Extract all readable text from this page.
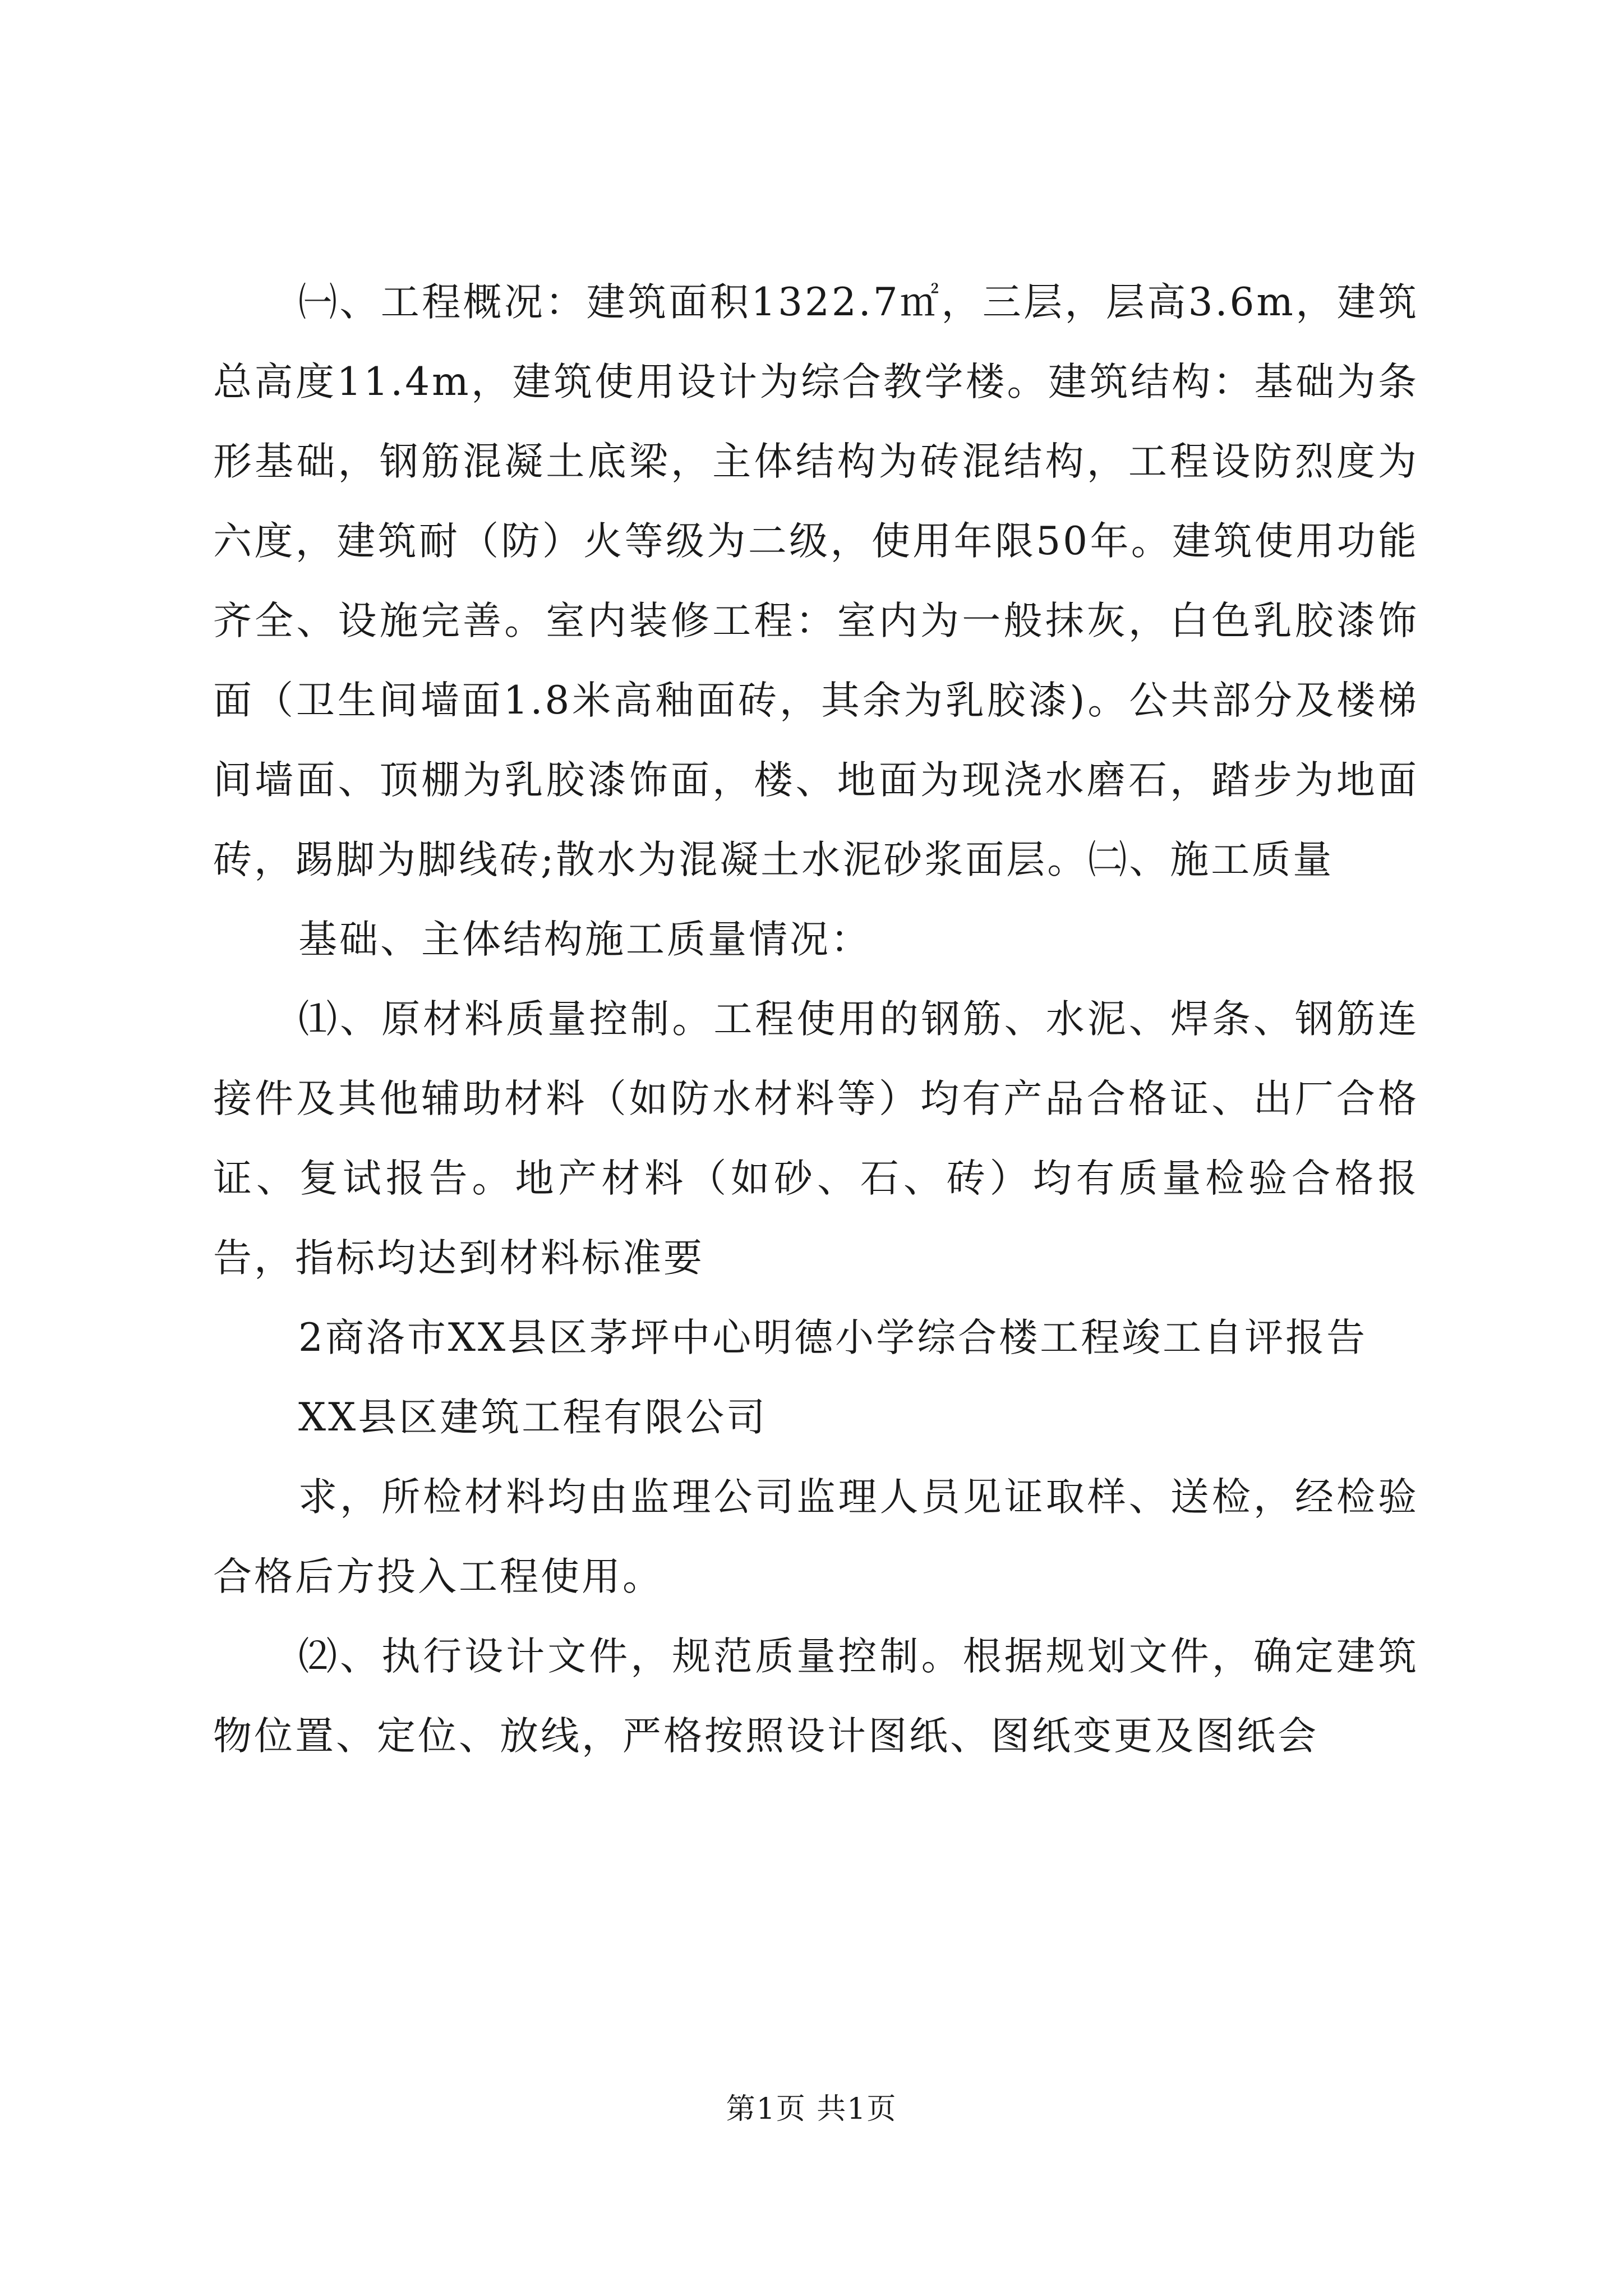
㈠、工程概况：建筑面积1322.7㎡，三层，层高3.6m，建筑总高度11.4m，建筑使用设计为综合教学楼。建筑结构：基础为条形基础，钢筋混凝土底梁，主体结构为砖混结构，工程设防烈度为六度，建筑耐（防）火等级为二级，使用年限50年。建筑使用功能齐全、设施完善。室内装修工程：室内为一般抹灰，白色乳胶漆饰面（卫生间墙面1.8米高釉面砖，其余为乳胶漆)。公共部分及楼梯间墙面、顶棚为乳胶漆饰面，楼、地面为现浇水磨石，踏步为地面砖，踢脚为脚线砖;散水为混凝土水泥砂浆面层。㈡、施工质量

基础、主体结构施工质量情况：

⑴、原材料质量控制。工程使用的钢筋、水泥、焊条、钢筋连接件及其他辅助材料（如防水材料等）均有产品合格证、出厂合格证、复试报告。地产材料（如砂、石、砖）均有质量检验合格报告，指标均达到材料标准要

2商洛市XX县区茅坪中心明德小学综合楼工程竣工自评报告

XX县区建筑工程有限公司

求，所检材料均由监理公司监理人员见证取样、送检，经检验合格后方投入工程使用。

⑵、执行设计文件，规范质量控制。根据规划文件，确定建筑物位置、定位、放线，严格按照设计图纸、图纸变更及图纸会

第1页 共1页
